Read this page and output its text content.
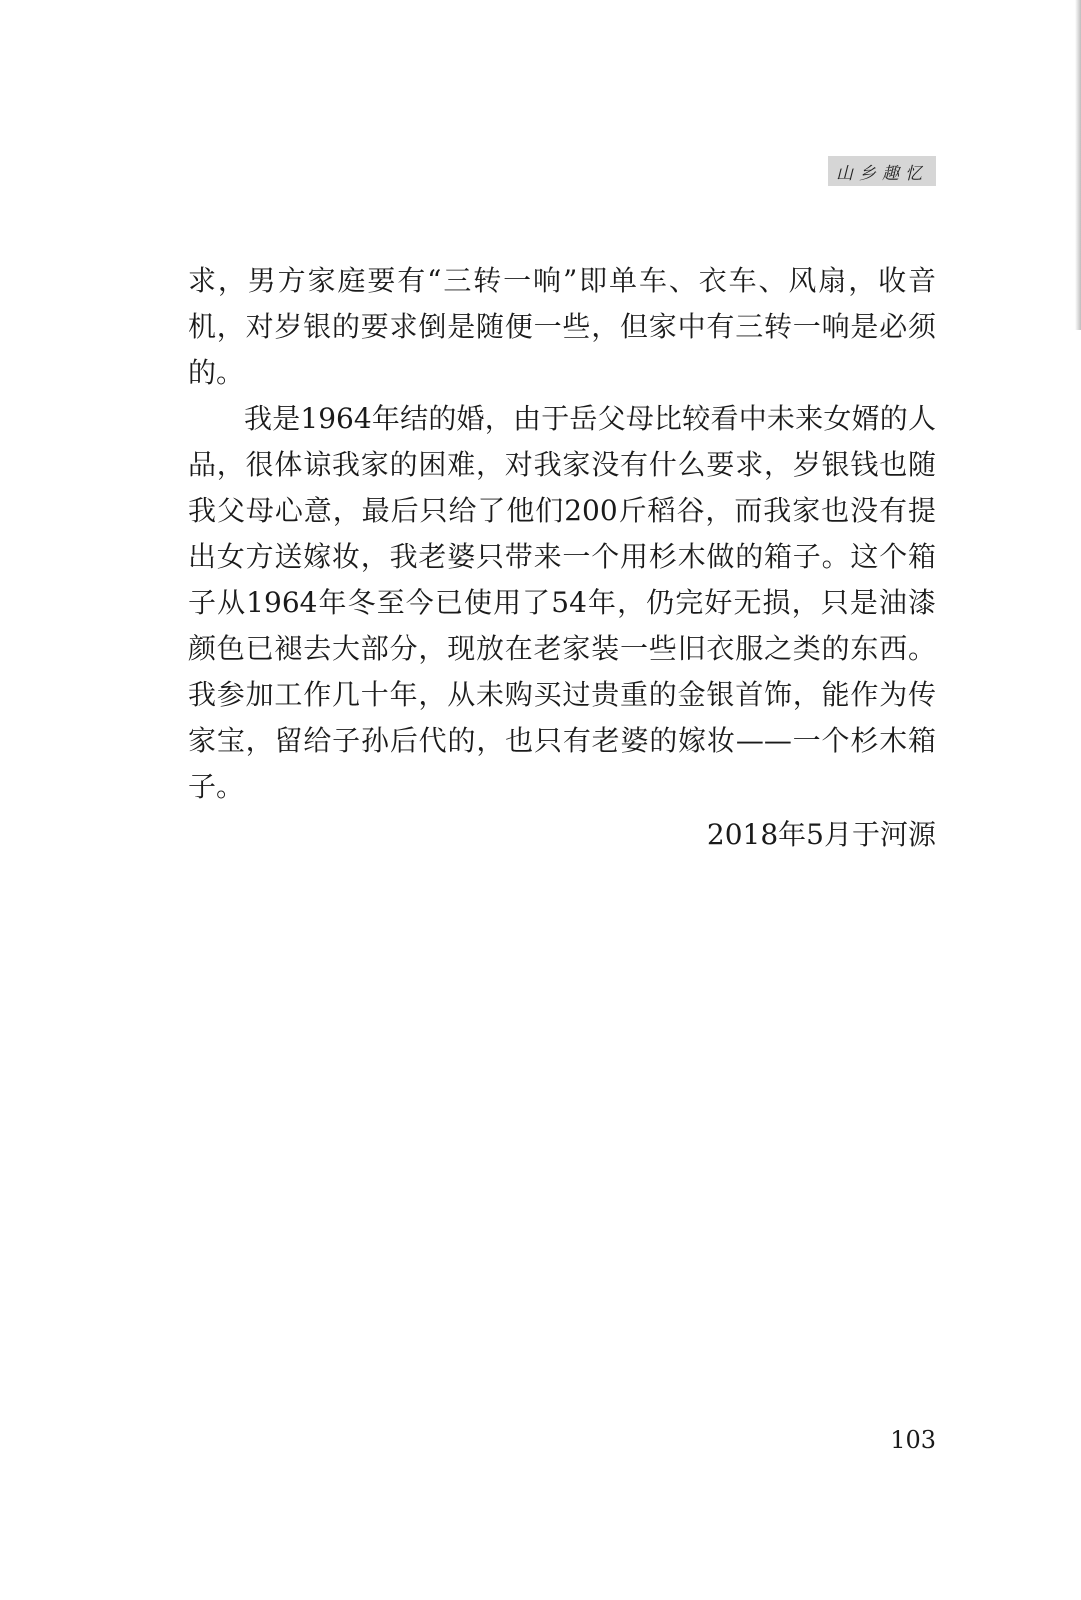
山乡趣忆

求，男方家庭要有“三转一响”即单车、衣车、风扇，收音机，对岁银的要求倒是随便一些，但家中有三转一响是必须的。

我是1964年结的婚，由于岳父母比较看中未来女婿的人品，很体谅我家的困难，对我家没有什么要求，岁银钱也随我父母心意，最后只给了他们200斤稻谷，而我家也没有提出女方送嫁妆，我老婆只带来一个用杉木做的箱子。这个箱子从1964年冬至今已使用了54年，仍完好无损，只是油漆颜色已褪去大部分，现放在老家装一些旧衣服之类的东西。我参加工作几十年，从未购买过贵重的金银首饰，能作为传家宝，留给子孙后代的，也只有老婆的嫁妆——一个杉木箱子。

2018年5月于河源
103
